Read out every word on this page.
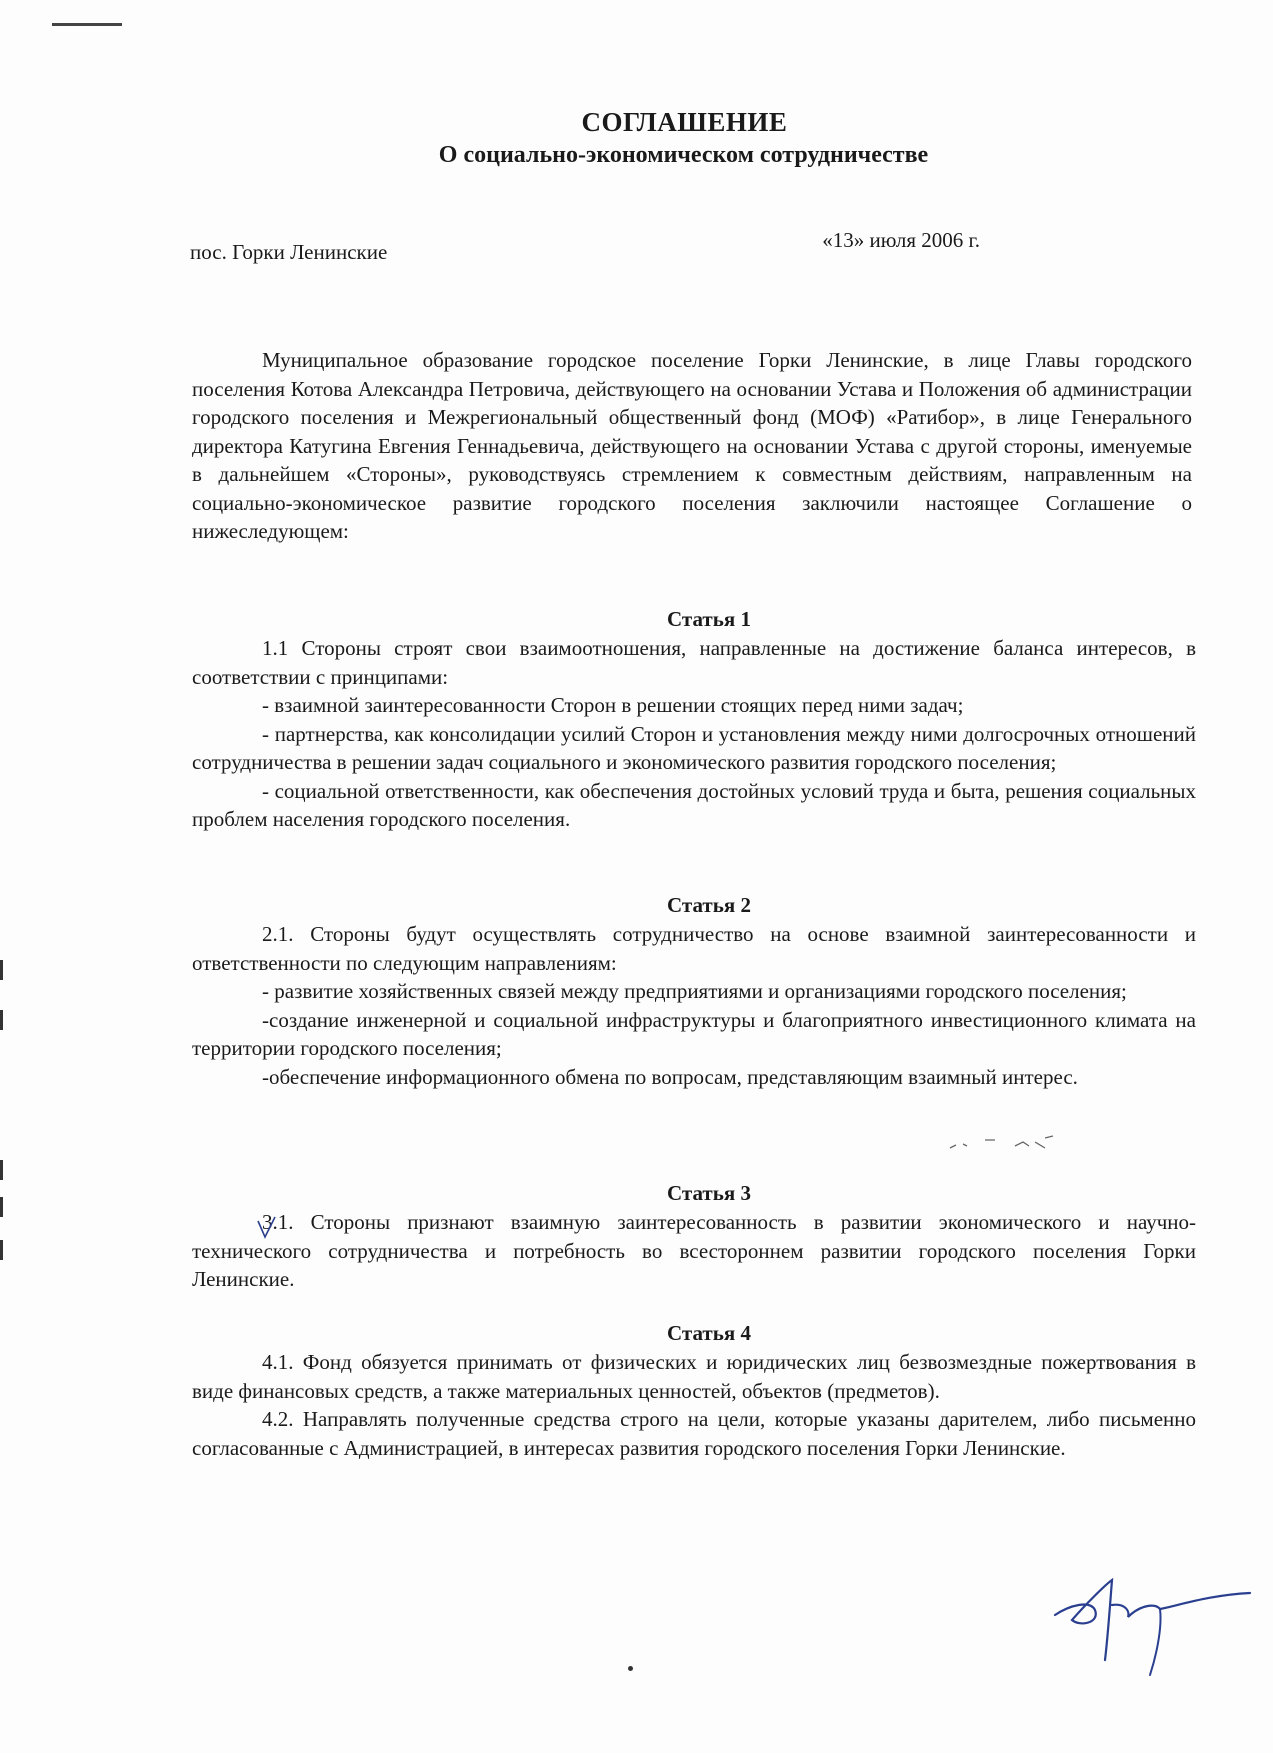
СОГЛАШЕНИЕ
О социально-экономическом сотрудничестве
пос. Горки Ленинские	«13» июля 2006 г.

Муниципальное образование городское поселение Горки Ленинские, в лице Главы городского поселения Котова Александра Петровича, действующего на основании Устава и Положения об администрации городского поселения и Межрегиональный общественный фонд (МОФ) «Ратибор», в лице Генерального директора Катугина Евгения Геннадьевича, действующего на основании Устава с другой стороны, именуемые в дальнейшем «Стороны», руководствуясь стремлением к совместным действиям, направленным на социально-экономическое развитие городского поселения заключили настоящее Соглашение о нижеследующем:

Статья 1

1.1 Стороны строят свои взаимоотношения, направленные на достижение баланса интересов, в соответствии с принципами:

- взаимной заинтересованности Сторон в решении стоящих перед ними задач;

- партнерства, как консолидации усилий Сторон и установления между ними долгосрочных отношений сотрудничества в решении задач социального и экономического развития городского поселения;

- социальной ответственности, как обеспечения достойных условий труда и быта, решения социальных проблем населения городского поселения.

Статья 2

2.1. Стороны будут осуществлять сотрудничество на основе взаимной заинтересованности и ответственности по следующим направлениям:

- развитие хозяйственных связей между предприятиями и организациями городского поселения;

-создание инженерной и социальной инфраструктуры и благоприятного инвестиционного климата на территории городского поселения;

-обеспечение информационного обмена по вопросам, представляющим взаимный интерес.

Статья 3

3.1. Стороны признают взаимную заинтересованность в развитии экономического и научно-технического сотрудничества и потребность во всестороннем развитии городского поселения Горки Ленинские.

Статья 4

4.1. Фонд обязуется принимать от физических и юридических лиц безвозмездные пожертвования в виде финансовых средств, а также материальных ценностей, объектов (предметов).

4.2. Направлять полученные средства строго на цели, которые указаны дарителем, либо письменно согласованные с Администрацией, в интересах развития городского поселения Горки Ленинские.
